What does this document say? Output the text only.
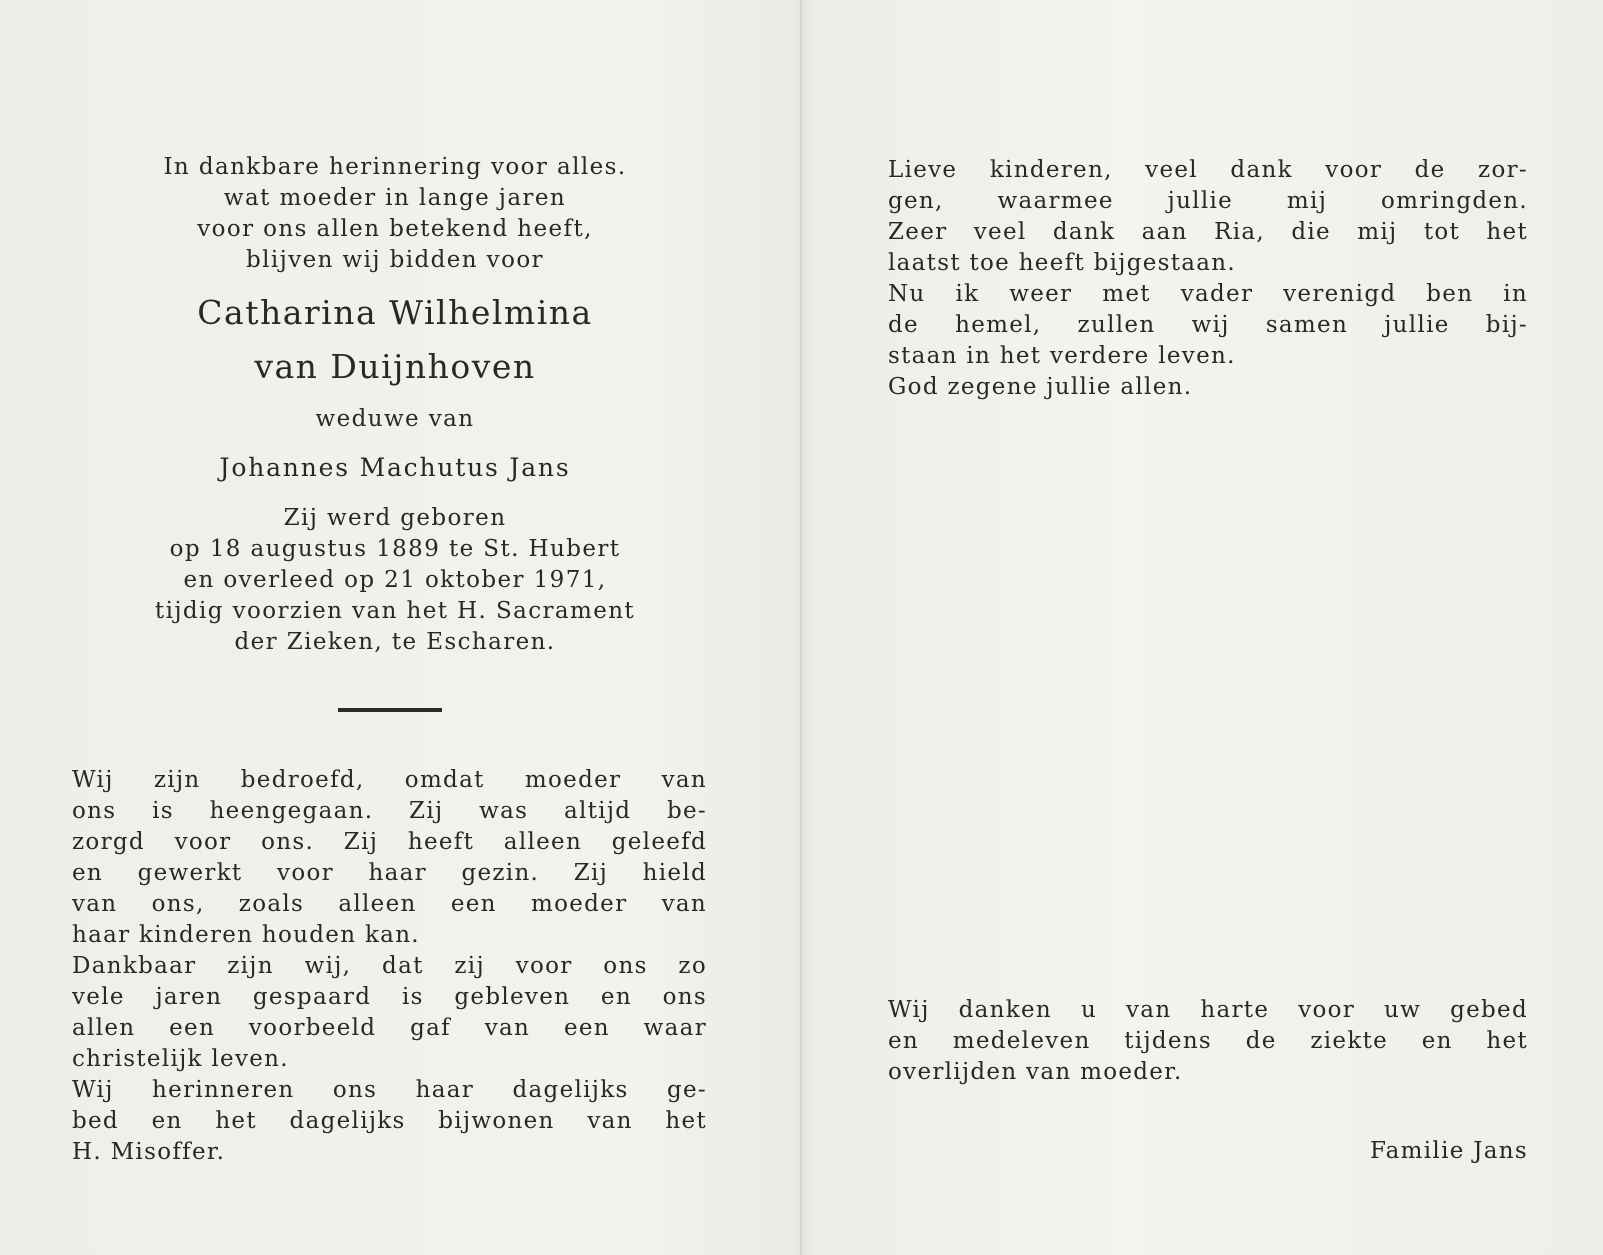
In dankbare herinnering voor alles.
wat moeder in lange jaren
voor ons allen betekend heeft,
blijven wij bidden voor
Catharina Wilhelmina
van Duijnhoven
weduwe van
Johannes Machutus Jans
Zij werd geboren
op 18 augustus 1889 te St. Hubert
en overleed op 21 oktober 1971,
tijdig voorzien van het H. Sacrament
der Zieken, te Escharen.
Wij zijn bedroefd, omdat moeder van
ons is heengegaan. Zij was altijd be-
zorgd voor ons. Zij heeft alleen geleefd
en gewerkt voor haar gezin. Zij hield
van ons, zoals alleen een moeder van
haar kinderen houden kan.
Dankbaar zijn wij, dat zij voor ons zo
vele jaren gespaard is gebleven en ons
allen een voorbeeld gaf van een waar
christelijk leven.
Wij herinneren ons haar dagelijks ge-
bed en het dagelijks bijwonen van het
H. Misoffer.
Lieve kinderen, veel dank voor de zor-
gen, waarmee jullie mij omringden.
Zeer veel dank aan Ria, die mij tot het
laatst toe heeft bijgestaan.
Nu ik weer met vader verenigd ben in
de hemel, zullen wij samen jullie bij-
staan in het verdere leven.
God zegene jullie allen.
Wij danken u van harte voor uw gebed
en medeleven tijdens de ziekte en het
overlijden van moeder.
Familie Jans
